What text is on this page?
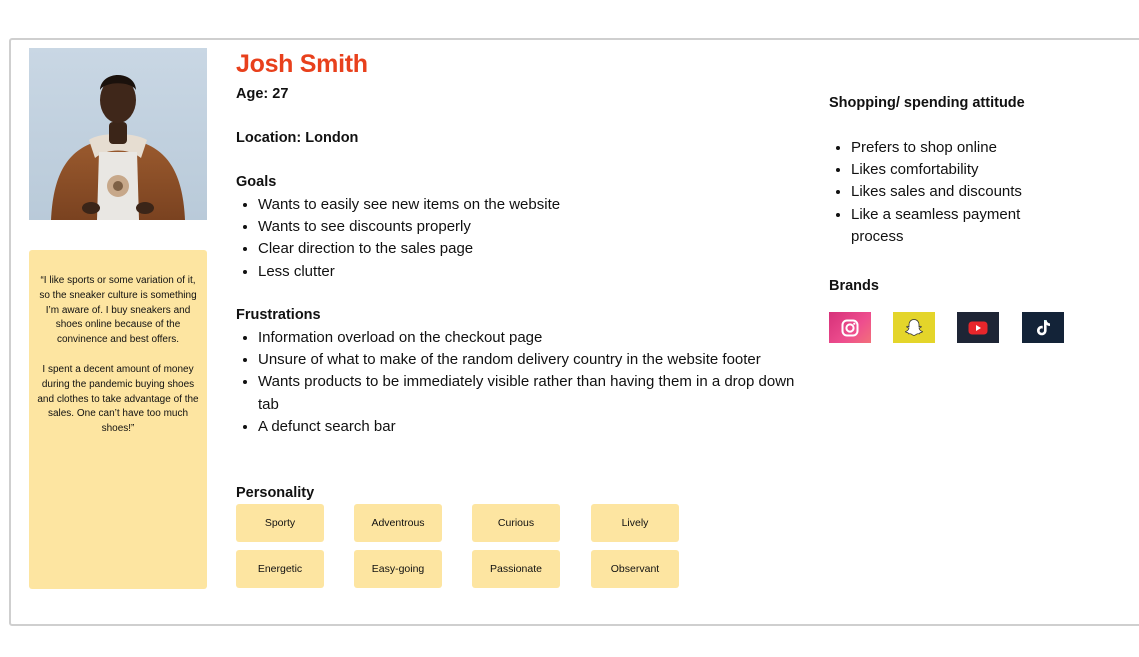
“I like sports or some variation of it, so the sneaker culture is something I’m aware of. I buy sneakers and shoes online because of the convinence and best offers.

I spent a decent amount of money during the pandemic buying shoes and clothes to take advantage of the sales. One can’t have too much shoes!”

Josh Smith

Age: 27

Location: London

Goals

• Wants to easily see new items on the website
• Wants to see discounts properly
• Clear direction to the sales page
• Less clutter

Frustrations

• Information overload on the checkout page
• Unsure of what to make of the random delivery country in the website footer
• Wants products to be immediately visible rather than having them in a drop down tab
• A defunct search bar

Personality

Sporty	Adventrous	Curious	Lively
Energetic	Easy-going	Passionate	Observant

Shopping/ spending attitude

• Prefers to shop online
• Likes comfortability
• Likes sales and discounts
• Like a seamless payment process

Brands
